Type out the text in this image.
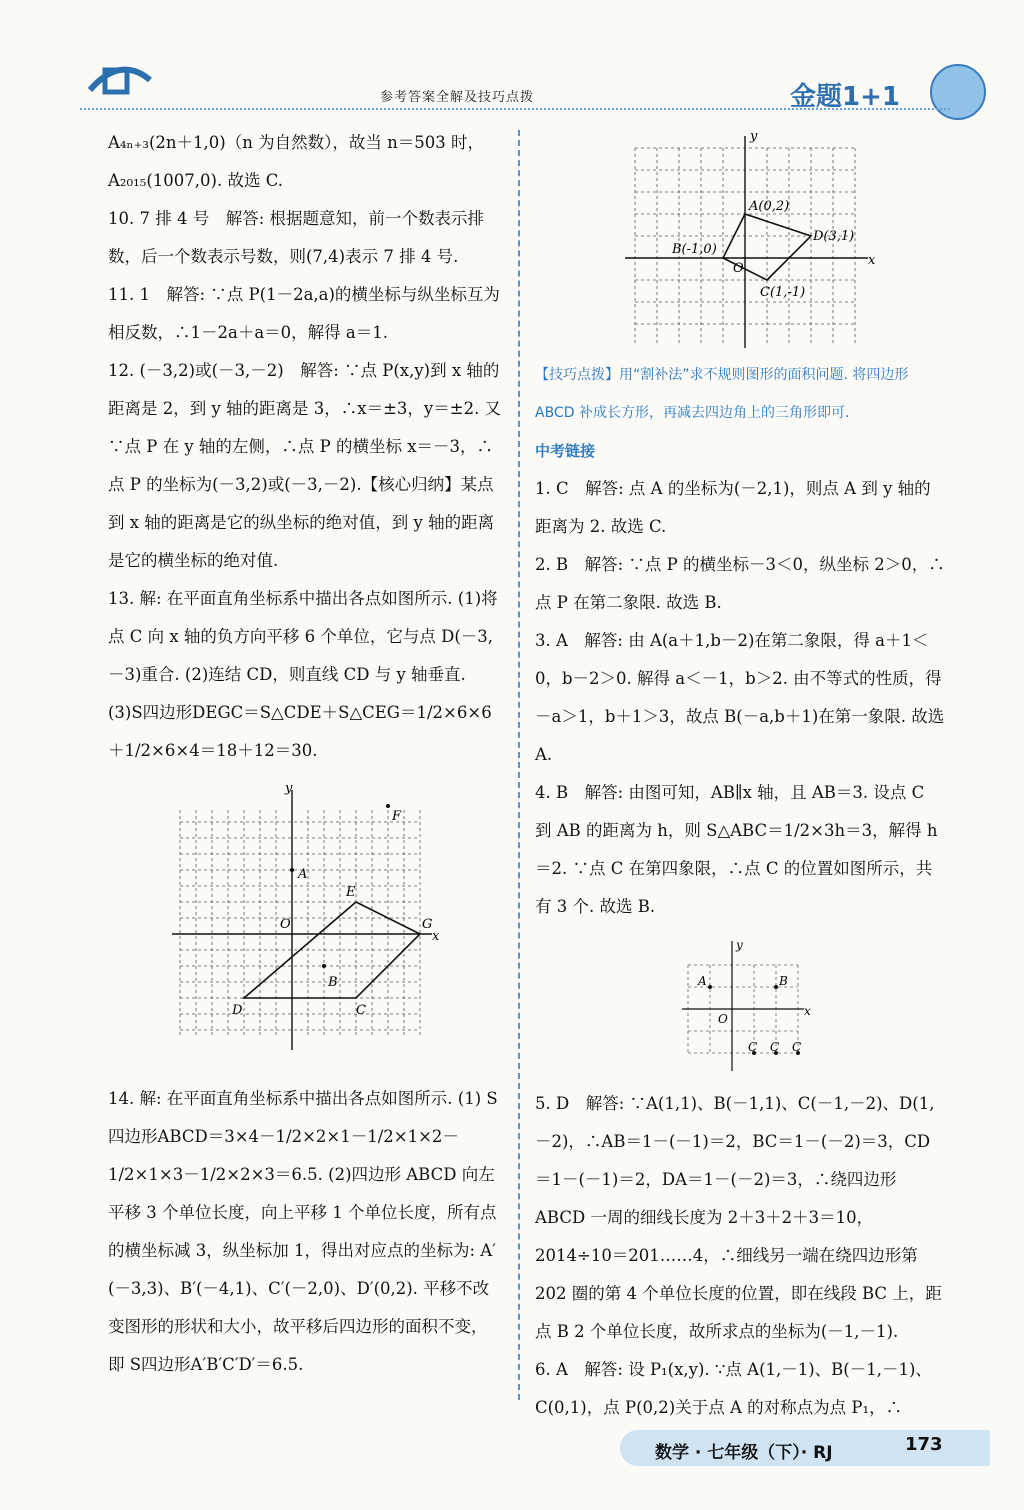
参考答案全解及技巧点拨	金题1+1

A₄ₙ₊₃(2n＋1,0)（n 为自然数），故当 n＝503 时，

A₂₀₁₅(1007,0). 故选 C.

10. 7 排 4 号　解答: 根据题意知，前一个数表示排数，后一个数表示号数，则(7,4)表示 7 排 4 号.

11. 1　解答: ∵点 P(1－2a,a)的横坐标与纵坐标互为相反数，∴1－2a＋a＝0，解得 a＝1.

12. (－3,2)或(－3,－2)　解答: ∵点 P(x,y)到 x 轴的距离是 2，到 y 轴的距离是 3，∴x＝±3，y＝±2. 又∵点 P 在 y 轴的左侧，∴点 P 的横坐标 x＝－3，∴点 P 的坐标为(－3,2)或(－3,－2).【核心归纳】某点到 x 轴的距离是它的纵坐标的绝对值，到 y 轴的距离是它的横坐标的绝对值.

13. 解: 在平面直角坐标系中描出各点如图所示. (1)将点 C 向 x 轴的负方向平移 6 个单位，它与点 D(－3,－3)重合. (2)连结 CD，则直线 CD 与 y 轴垂直. (3)S四边形DEGC＝S△CDE＋S△CEG＝1/2×6×6＋1/2×6×4＝18＋12＝30.

x
y
A
B
C
D
E
F
G
O

14. 解: 在平面直角坐标系中描出各点如图所示. (1) S四边形ABCD＝3×4－1/2×2×1－1/2×1×2－1/2×1×3－1/2×2×3＝6.5. (2)四边形 ABCD 向左平移 3 个单位长度，向上平移 1 个单位长度，所有点的横坐标减 3，纵坐标加 1，得出对应点的坐标为: A′(－3,3)、B′(－4,1)、C′(－2,0)、D′(0,2). 平移不改变图形的形状和大小，故平移后四边形的面积不变，即 S四边形A′B′C′D′＝6.5.

x
y
A(0,2)
B(-1,0)
C(1,-1)
D(3,1)
O

【技巧点拨】用“割补法”求不规则图形的面积问题. 将四边形 ABCD 补成长方形，再减去四边角上的三角形即可.

中考链接

1. C　解答: 点 A 的坐标为(－2,1)，则点 A 到 y 轴的距离为 2. 故选 C.

2. B　解答: ∵点 P 的横坐标－3＜0，纵坐标 2＞0，∴点 P 在第二象限. 故选 B.

3. A　解答: 由 A(a＋1,b－2)在第二象限，得 a＋1＜0，b－2＞0. 解得 a＜－1，b＞2. 由不等式的性质，得－a＞1，b＋1＞3，故点 B(－a,b＋1)在第一象限. 故选 A.

4. B　解答: 由图可知，AB∥x 轴，且 AB＝3. 设点 C 到 AB 的距离为 h，则 S△ABC＝1/2×3h＝3，解得 h＝2. ∵点 C 在第四象限，∴点 C 的位置如图所示，共有 3 个. 故选 B.

x
y
A	B
C C C
O

5. D　解答: ∵A(1,1)、B(－1,1)、C(－1,－2)、D(1,－2)，∴AB＝1－(－1)＝2，BC＝1－(－2)＝3，CD＝1－(－1)＝2，DA＝1－(－2)＝3，∴绕四边形 ABCD 一周的细线长度为 2＋3＋2＋3＝10，2014÷10＝201……4，∴细线另一端在绕四边形第 202 圈的第 4 个单位长度的位置，即在线段 BC 上，距点 B 2 个单位长度，故所求点的坐标为(－1,－1).

6. A　解答: 设 P₁(x,y). ∵点 A(1,－1)、B(－1,－1)、C(0,1)，点 P(0,2)关于点 A 的对称点为点 P₁，∴

数学 · 七年级（下）· RJ	173
